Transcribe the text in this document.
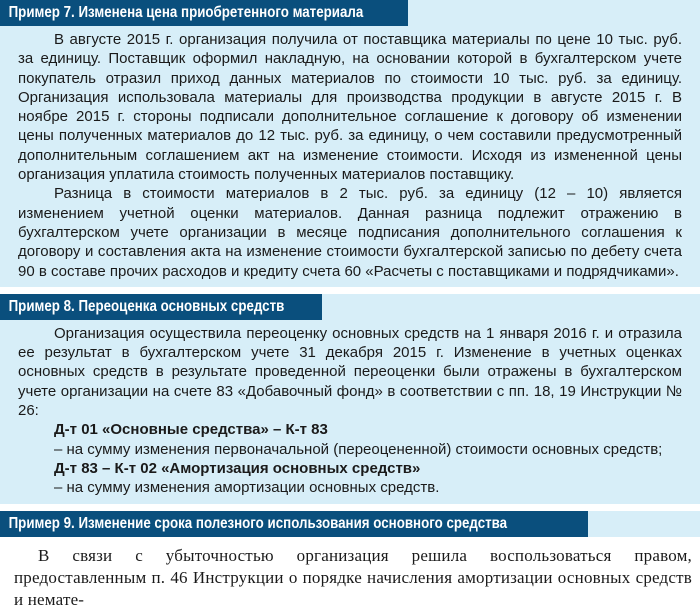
Пример 7. Изменена цена приобретенного материала

В августе 2015 г. организация получила от поставщика материалы по цене 10 тыс. руб. за единицу. Поставщик оформил накладную, на основании которой в бухгалтерском учете покупатель отразил приход данных материалов по стоимости 10 тыс. руб. за единицу. Организация использовала материалы для производства продукции в августе 2015 г. В ноябре 2015 г. стороны подписали дополнительное соглашение к договору об изменении цены полученных материалов до 12 тыс. руб. за единицу, о чем составили предусмотренный дополнительным соглашением акт на изменение стоимости. Исходя из измененной цены организация уплатила стоимость полученных материалов поставщику.

Разница в стоимости материалов в 2 тыс. руб. за единицу (12 – 10) является изменением учетной оценки материалов. Данная разница подлежит отражению в бухгалтерском учете организации в месяце подписания дополнительного соглашения к договору и составления акта на изменение стоимости бухгалтерской записью по дебету счета 90 в составе прочих расходов и кредиту счета 60 «Расчеты с поставщиками и подрядчиками».

Пример 8. Переоценка основных средств

Организация осуществила переоценку основных средств на 1 января 2016 г. и отразила ее результат в бухгалтерском учете 31 декабря 2015 г. Изменение в учетных оценках основных средств в результате проведенной переоценки были отражены в бухгалтерском учете организации на счете 83 «Добавочный фонд» в соответствии с пп. 18, 19 Инструкции № 26:

Д-т 01 «Основные средства» – К-т 83
– на сумму изменения первоначальной (переоцененной) стоимости основных средств;
Д-т 83 – К-т 02 «Амортизация основных средств»
– на сумму изменения амортизации основных средств.
Пример 9. Изменение срока полезного использования основного средства

В связи с убыточностью организация решила воспользоваться правом, предоставленным п. 46 Инструкции о порядке начисления амортизации основных средств и немате-
